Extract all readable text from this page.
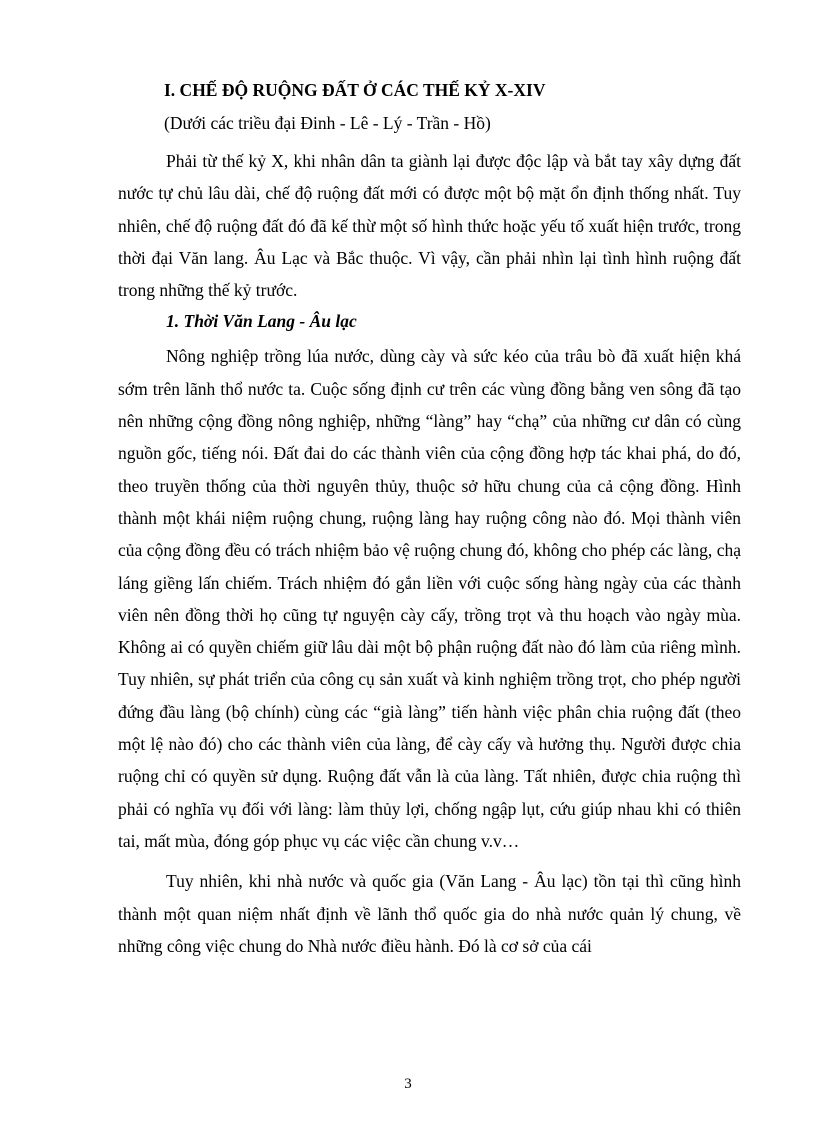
I. CHẾ ĐỘ RUỘNG ĐẤT Ở CÁC THẾ KỶ X-XIV

(Dưới các triều đại Đinh - Lê - Lý - Trần - Hồ)

Phải từ thế kỷ X, khi nhân dân ta giành lại được độc lập và bắt tay xây dựng đất nước tự chủ lâu dài, chế độ ruộng đất mới có được một bộ mặt ổn định thống nhất. Tuy nhiên, chế độ ruộng đất đó đã kế thừ một số hình thức hoặc yếu tố xuất hiện trước, trong thời đại Văn lang. Âu Lạc và Bắc thuộc. Vì vậy, cần phải nhìn lại tình hình ruộng đất trong những thế kỷ trước.

1. Thời Văn Lang - Âu lạc

Nông nghiệp trồng lúa nước, dùng cày và sức kéo của trâu bò đã xuất hiện khá sớm trên lãnh thổ nước ta. Cuộc sống định cư trên các vùng đồng bằng ven sông đã tạo nên những cộng đồng nông nghiệp, những “làng” hay “chạ” của những cư dân có cùng nguồn gốc, tiếng nói. Đất đai do các thành viên của cộng đồng hợp tác khai phá, do đó, theo truyền thống của thời nguyên thủy, thuộc sở hữu chung của cả cộng đồng. Hình thành một khái niệm ruộng chung, ruộng làng hay ruộng công nào đó. Mọi thành viên của cộng đồng đều có trách nhiệm bảo vệ ruộng chung đó, không cho phép các làng, chạ láng giềng lấn chiếm. Trách nhiệm đó gắn liền với cuộc sống hàng ngày của các thành viên nên đồng thời họ cũng tự nguyện cày cấy, trồng trọt và thu hoạch vào ngày mùa. Không ai có quyền chiếm giữ lâu dài một bộ phận ruộng đất nào đó làm của riêng mình. Tuy nhiên, sự phát triển của công cụ sản xuất và kinh nghiệm trồng trọt, cho phép người đứng đầu làng (bộ chính) cùng các “già làng” tiến hành việc phân chia ruộng đất (theo một lệ nào đó) cho các thành viên của làng, để cày cấy và hưởng thụ. Người được chia ruộng chỉ có quyền sử dụng. Ruộng đất vẫn là của làng. Tất nhiên, được chia ruộng thì phải có nghĩa vụ đối với làng: làm thủy lợi, chống ngập lụt, cứu giúp nhau khi có thiên tai, mất mùa, đóng góp phục vụ các việc cần chung v.v…

Tuy nhiên, khi nhà nước và quốc gia (Văn Lang - Âu lạc) tồn tại thì cũng hình thành một quan niệm nhất định về lãnh thổ quốc gia do nhà nước quản lý chung, về những công việc chung do Nhà nước điều hành. Đó là cơ sở của cái

3
